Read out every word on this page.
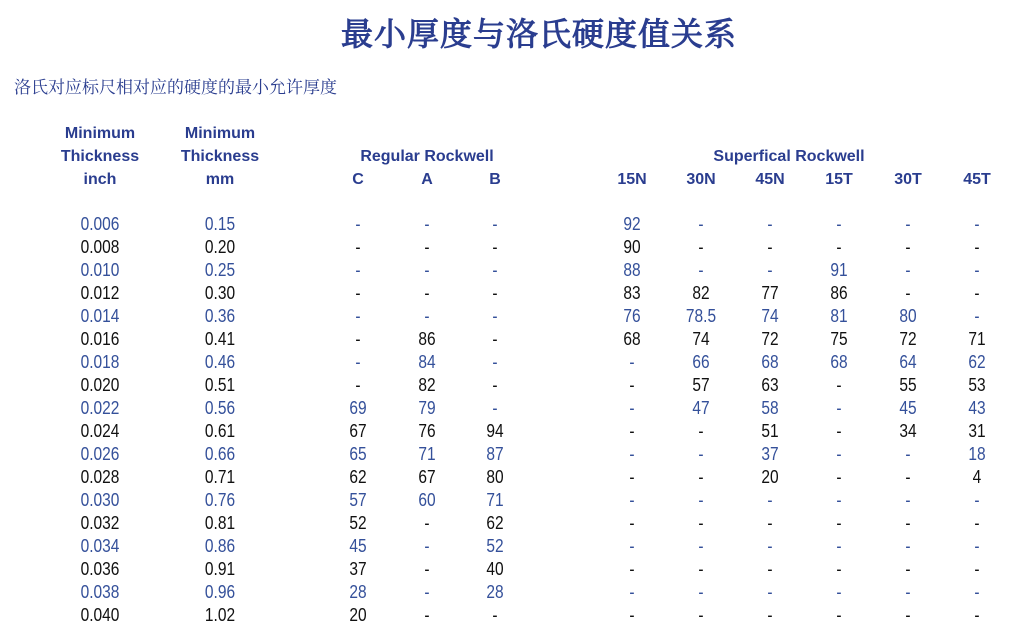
最小厚度与洛氏硬度值关系
洛氏对应标尺相对应的硬度的最小允许厚度
Minimum
Thickness
inch
Minimum
Thickness
mm
Regular Rockwell	Superfical Rockwell
C	A	B	15N	30N	45N	15T	30T	45T
0.006	0.15	-	-	-	92	-	-	-	-	-
0.008	0.20	-	-	-	90	-	-	-	-	-
0.010	0.25	-	-	-	88	-	-	91	-	-
0.012	0.30	-	-	-	83	82	77	86	-	-
0.014	0.36	-	-	-	76	78.5	74	81	80	-
0.016	0.41	-	86	-	68	74	72	75	72	71
0.018	0.46	-	84	-	-	66	68	68	64	62
0.020	0.51	-	82	-	-	57	63	-	55	53
0.022	0.56	69	79	-	-	47	58	-	45	43
0.024	0.61	67	76	94	-	-	51	-	34	31
0.026	0.66	65	71	87	-	-	37	-	-	18
0.028	0.71	62	67	80	-	-	20	-	-	4
0.030	0.76	57	60	71	-	-	-	-	-	-
0.032	0.81	52	-	62	-	-	-	-	-	-
0.034	0.86	45	-	52	-	-	-	-	-	-
0.036	0.91	37	-	40	-	-	-	-	-	-
0.038	0.96	28	-	28	-	-	-	-	-	-
0.040	1.02	20	-	-	-	-	-	-	-	-
